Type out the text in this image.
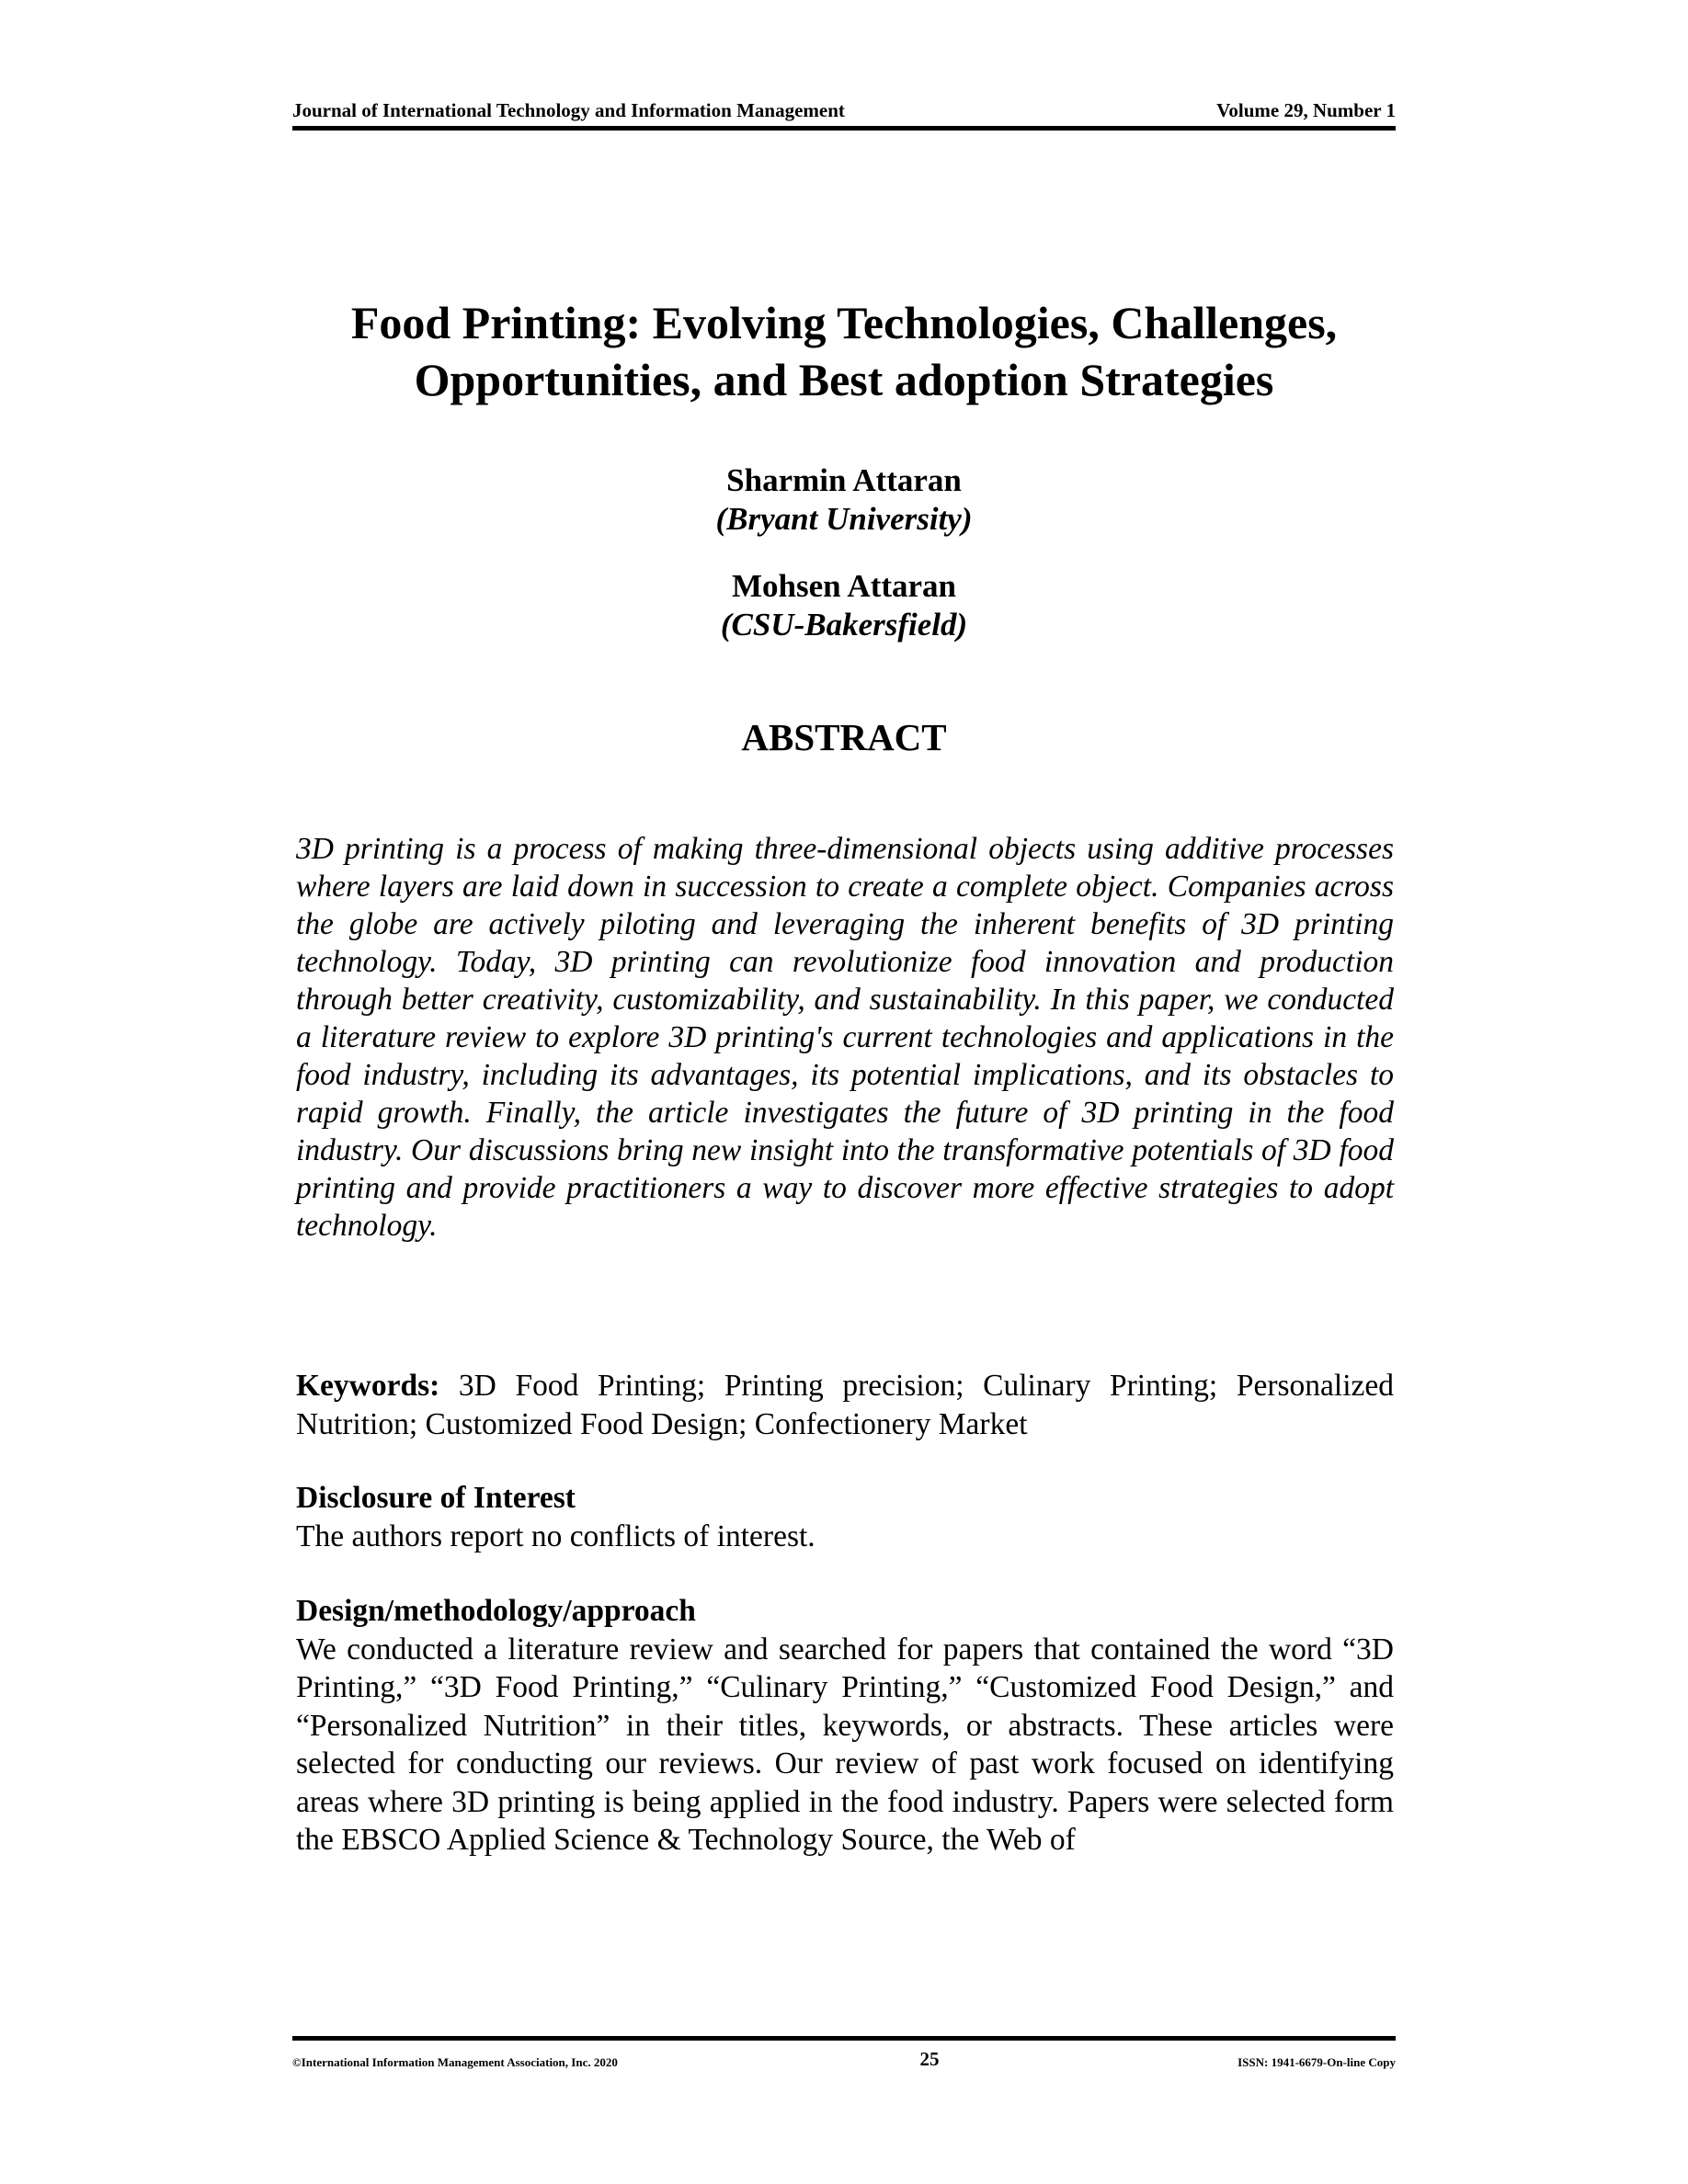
Journal of International Technology and Information Management	Volume 29, Number 1
Food Printing: Evolving Technologies, Challenges,
Opportunities, and Best adoption Strategies
Sharmin Attaran
(Bryant University)
Mohsen Attaran
(CSU-Bakersfield)
ABSTRACT
3D printing is a process of making three-dimensional objects using additive processes where layers are laid down in succession to create a complete object. Companies across the globe are actively piloting and leveraging the inherent benefits of 3D printing technology. Today, 3D printing can revolutionize food innovation and production through better creativity, customizability, and sustainability. In this paper, we conducted a literature review to explore 3D printing's current technologies and applications in the food industry, including its advantages, its potential implications, and its obstacles to rapid growth. Finally, the article investigates the future of 3D printing in the food industry. Our discussions bring new insight into the transformative potentials of 3D food printing and provide practitioners a way to discover more effective strategies to adopt technology.
Keywords: 3D Food Printing; Printing precision; Culinary Printing; Personalized Nutrition; Customized Food Design; Confectionery Market
Disclosure of Interest
The authors report no conflicts of interest.
Design/methodology/approach
We conducted a literature review and searched for papers that contained the word “3D Printing,” “3D Food Printing,” “Culinary Printing,” “Customized Food Design,” and “Personalized Nutrition” in their titles, keywords, or abstracts. These articles were selected for conducting our reviews. Our review of past work focused on identifying areas where 3D printing is being applied in the food industry. Papers were selected form the EBSCO Applied Science & Technology Source, the Web of
©International Information Management Association, Inc. 2020	25	ISSN: 1941-6679-On-line Copy
